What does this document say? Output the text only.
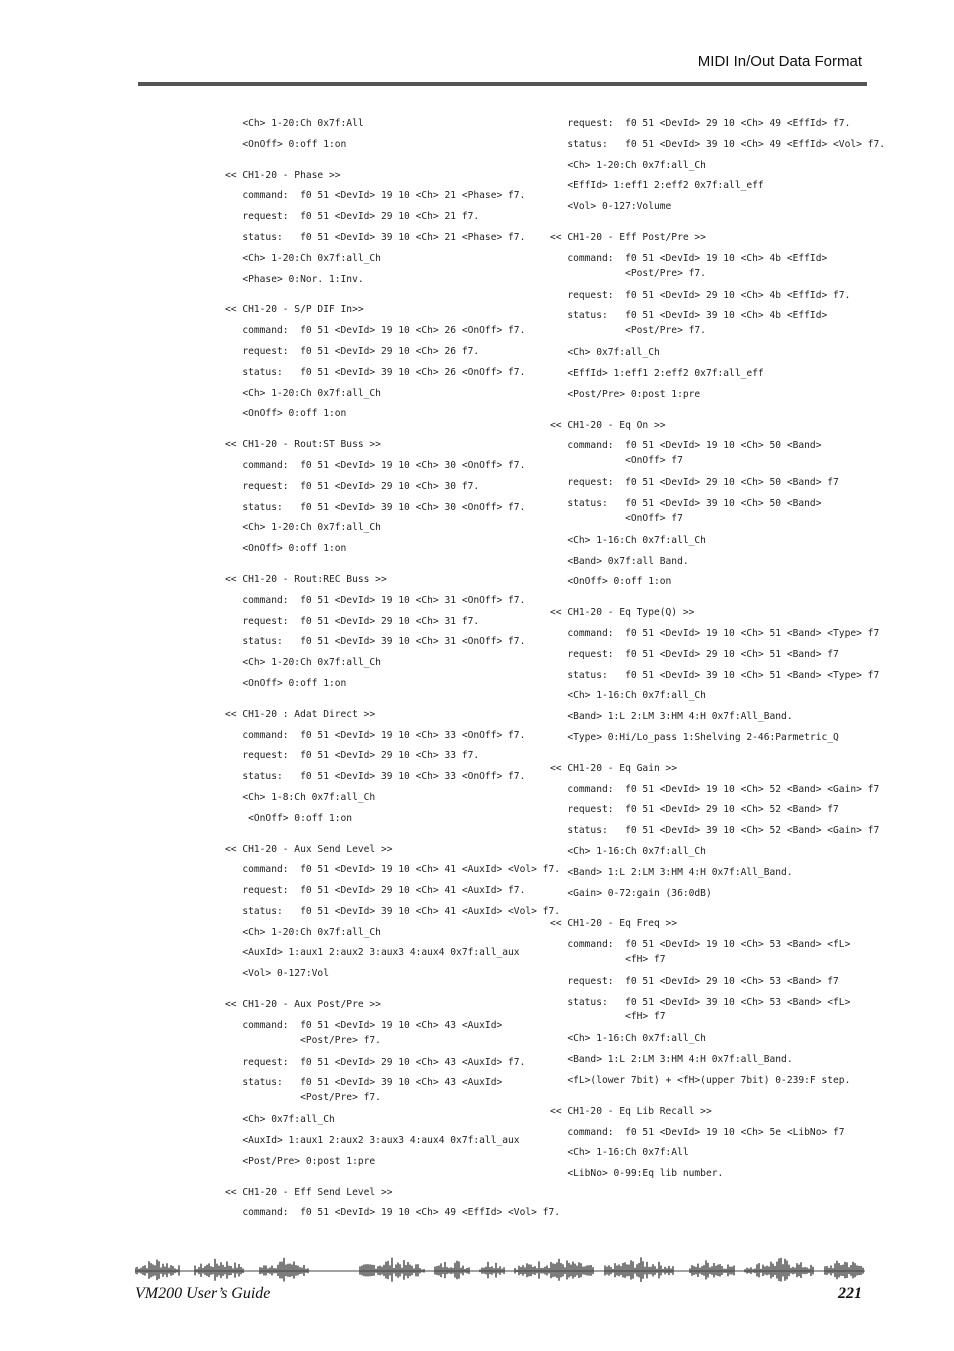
MIDI In/Out Data Format
<Ch> 1-20:Ch 0x7f:All
<OnOff> 0:off 1:on
<< CH1-20 - Phase >>
command:  f0 51 <DevId> 19 10 <Ch> 21 <Phase> f7.
request:  f0 51 <DevId> 29 10 <Ch> 21 f7.
status:   f0 51 <DevId> 39 10 <Ch> 21 <Phase> f7.
<Ch> 1-20:Ch 0x7f:all_Ch
<Phase> 0:Nor. 1:Inv.
<< CH1-20 - S/P DIF In>>
command:  f0 51 <DevId> 19 10 <Ch> 26 <OnOff> f7.
request:  f0 51 <DevId> 29 10 <Ch> 26 f7.
status:   f0 51 <DevId> 39 10 <Ch> 26 <OnOff> f7.
<Ch> 1-20:Ch 0x7f:all_Ch
<OnOff> 0:off 1:on
<< CH1-20 - Rout:ST Buss >>
command:  f0 51 <DevId> 19 10 <Ch> 30 <OnOff> f7.
request:  f0 51 <DevId> 29 10 <Ch> 30 f7.
status:   f0 51 <DevId> 39 10 <Ch> 30 <OnOff> f7.
<Ch> 1-20:Ch 0x7f:all_Ch
<OnOff> 0:off 1:on
<< CH1-20 - Rout:REC Buss >>
command:  f0 51 <DevId> 19 10 <Ch> 31 <OnOff> f7.
request:  f0 51 <DevId> 29 10 <Ch> 31 f7.
status:   f0 51 <DevId> 39 10 <Ch> 31 <OnOff> f7.
<Ch> 1-20:Ch 0x7f:all_Ch
<OnOff> 0:off 1:on
<< CH1-20 : Adat Direct >>
command:  f0 51 <DevId> 19 10 <Ch> 33 <OnOff> f7.
request:  f0 51 <DevId> 29 10 <Ch> 33 f7.
status:   f0 51 <DevId> 39 10 <Ch> 33 <OnOff> f7.
<Ch> 1-8:Ch 0x7f:all_Ch
<OnOff> 0:off 1:on
<< CH1-20 - Aux Send Level >>
command:  f0 51 <DevId> 19 10 <Ch> 41 <AuxId> <Vol> f7.
request:  f0 51 <DevId> 29 10 <Ch> 41 <AuxId> f7.
status:   f0 51 <DevId> 39 10 <Ch> 41 <AuxId> <Vol> f7.
<Ch> 1-20:Ch 0x7f:all_Ch
<AuxId> 1:aux1 2:aux2 3:aux3 4:aux4 0x7f:all_aux
<Vol> 0-127:Vol
<< CH1-20 - Aux Post/Pre >>
command:  f0 51 <DevId> 19 10 <Ch> 43 <AuxId>
<Post/Pre> f7.
request:  f0 51 <DevId> 29 10 <Ch> 43 <AuxId> f7.
status:   f0 51 <DevId> 39 10 <Ch> 43 <AuxId>
<Post/Pre> f7.
<Ch> 0x7f:all_Ch
<AuxId> 1:aux1 2:aux2 3:aux3 4:aux4 0x7f:all_aux
<Post/Pre> 0:post 1:pre
<< CH1-20 - Eff Send Level >>
command:  f0 51 <DevId> 19 10 <Ch> 49 <EffId> <Vol> f7.
request:  f0 51 <DevId> 29 10 <Ch> 49 <EffId> f7.
status:   f0 51 <DevId> 39 10 <Ch> 49 <EffId> <Vol> f7.
<Ch> 1-20:Ch 0x7f:all_Ch
<EffId> 1:eff1 2:eff2 0x7f:all_eff
<Vol> 0-127:Volume
<< CH1-20 - Eff Post/Pre >>
command:  f0 51 <DevId> 19 10 <Ch> 4b <EffId>
<Post/Pre> f7.
request:  f0 51 <DevId> 29 10 <Ch> 4b <EffId> f7.
status:   f0 51 <DevId> 39 10 <Ch> 4b <EffId>
<Post/Pre> f7.
<Ch> 0x7f:all_Ch
<EffId> 1:eff1 2:eff2 0x7f:all_eff
<Post/Pre> 0:post 1:pre
<< CH1-20 - Eq On >>
command:  f0 51 <DevId> 19 10 <Ch> 50 <Band>
<OnOff> f7
request:  f0 51 <DevId> 29 10 <Ch> 50 <Band> f7
status:   f0 51 <DevId> 39 10 <Ch> 50 <Band>
<OnOff> f7
<Ch> 1-16:Ch 0x7f:all_Ch
<Band> 0x7f:all Band.
<OnOff> 0:off 1:on
<< CH1-20 - Eq Type(Q) >>
command:  f0 51 <DevId> 19 10 <Ch> 51 <Band> <Type> f7
request:  f0 51 <DevId> 29 10 <Ch> 51 <Band> f7
status:   f0 51 <DevId> 39 10 <Ch> 51 <Band> <Type> f7
<Ch> 1-16:Ch 0x7f:all_Ch
<Band> 1:L 2:LM 3:HM 4:H 0x7f:All_Band.
<Type> 0:Hi/Lo_pass 1:Shelving 2-46:Parmetric_Q
<< CH1-20 - Eq Gain >>
command:  f0 51 <DevId> 19 10 <Ch> 52 <Band> <Gain> f7
request:  f0 51 <DevId> 29 10 <Ch> 52 <Band> f7
status:   f0 51 <DevId> 39 10 <Ch> 52 <Band> <Gain> f7
<Ch> 1-16:Ch 0x7f:all_Ch
<Band> 1:L 2:LM 3:HM 4:H 0x7f:All_Band.
<Gain> 0-72:gain (36:0dB)
<< CH1-20 - Eq Freq >>
command:  f0 51 <DevId> 19 10 <Ch> 53 <Band> <fL>
<fH> f7
request:  f0 51 <DevId> 29 10 <Ch> 53 <Band> f7
status:   f0 51 <DevId> 39 10 <Ch> 53 <Band> <fL>
<fH> f7
<Ch> 1-16:Ch 0x7f:all_Ch
<Band> 1:L 2:LM 3:HM 4:H 0x7f:all_Band.
<fL>(lower 7bit) + <fH>(upper 7bit) 0-239:F step.
<< CH1-20 - Eq Lib Recall >>
command:  f0 51 <DevId> 19 10 <Ch> 5e <LibNo> f7
<Ch> 1-16:Ch 0x7f:All
<LibNo> 0-99:Eq lib number.
VM200 User’s Guide	221
